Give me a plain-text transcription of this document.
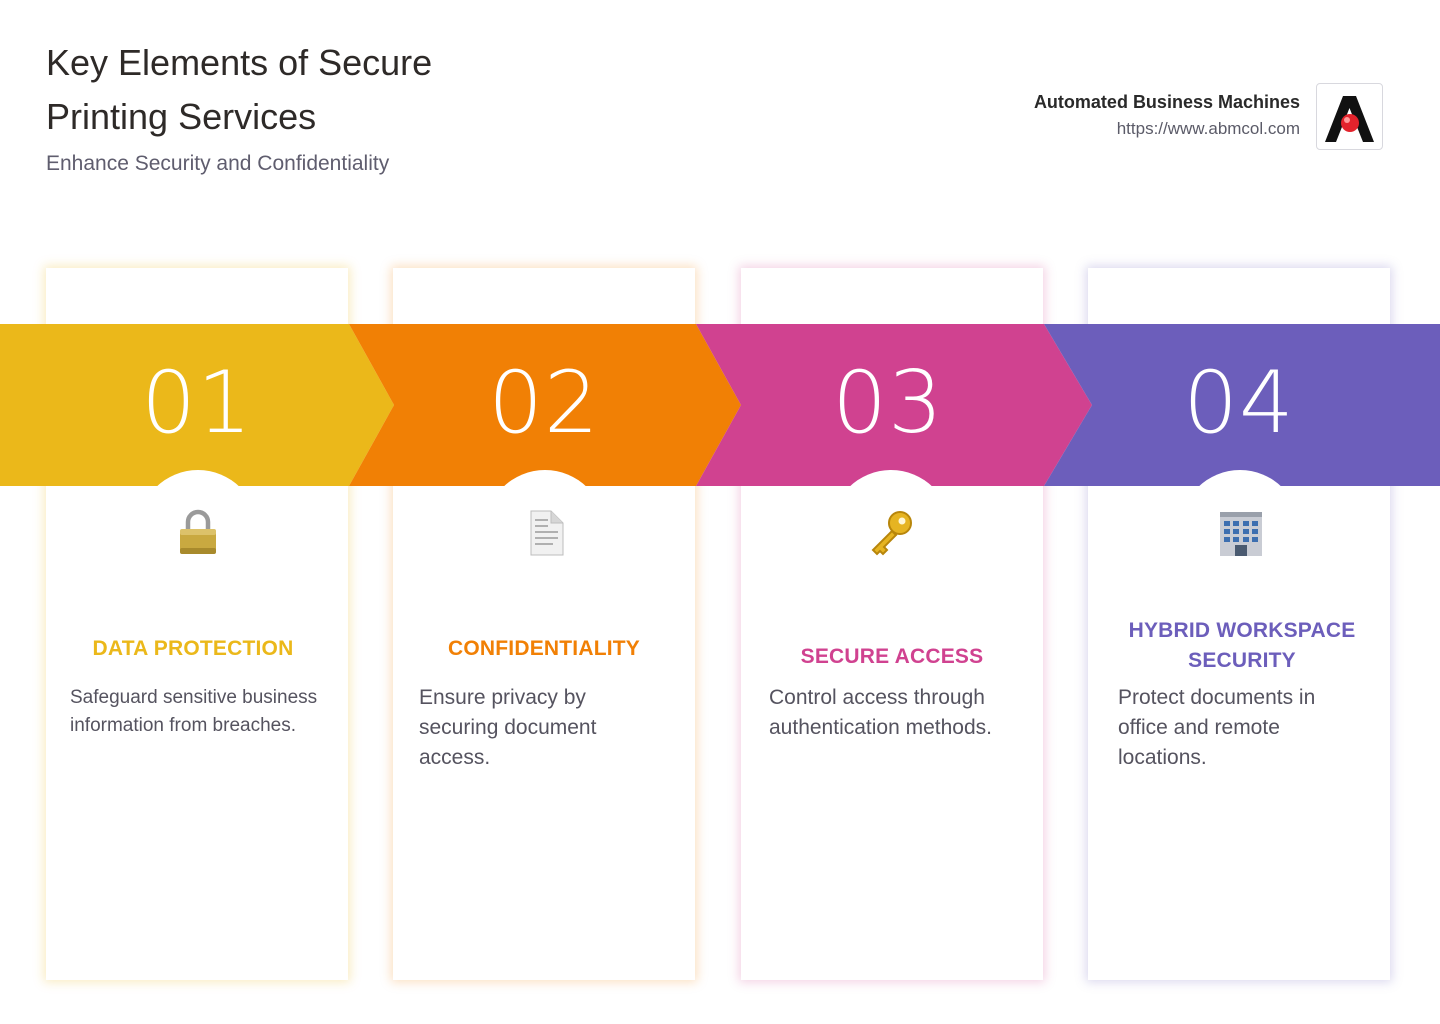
Key Elements of Secure Printing Services
Enhance Security and Confidentiality
Automated Business Machines
https://www.abmcol.com
01	02	03	04
DATA PROTECTION	CONFIDENTIALITY	SECURE ACCESS
HYBRID WORKSPACE SECURITY
Safeguard sensitive business information from breaches.
Ensure privacy by securing document access.
Control access through authentication methods.
Protect documents in office and remote locations.
